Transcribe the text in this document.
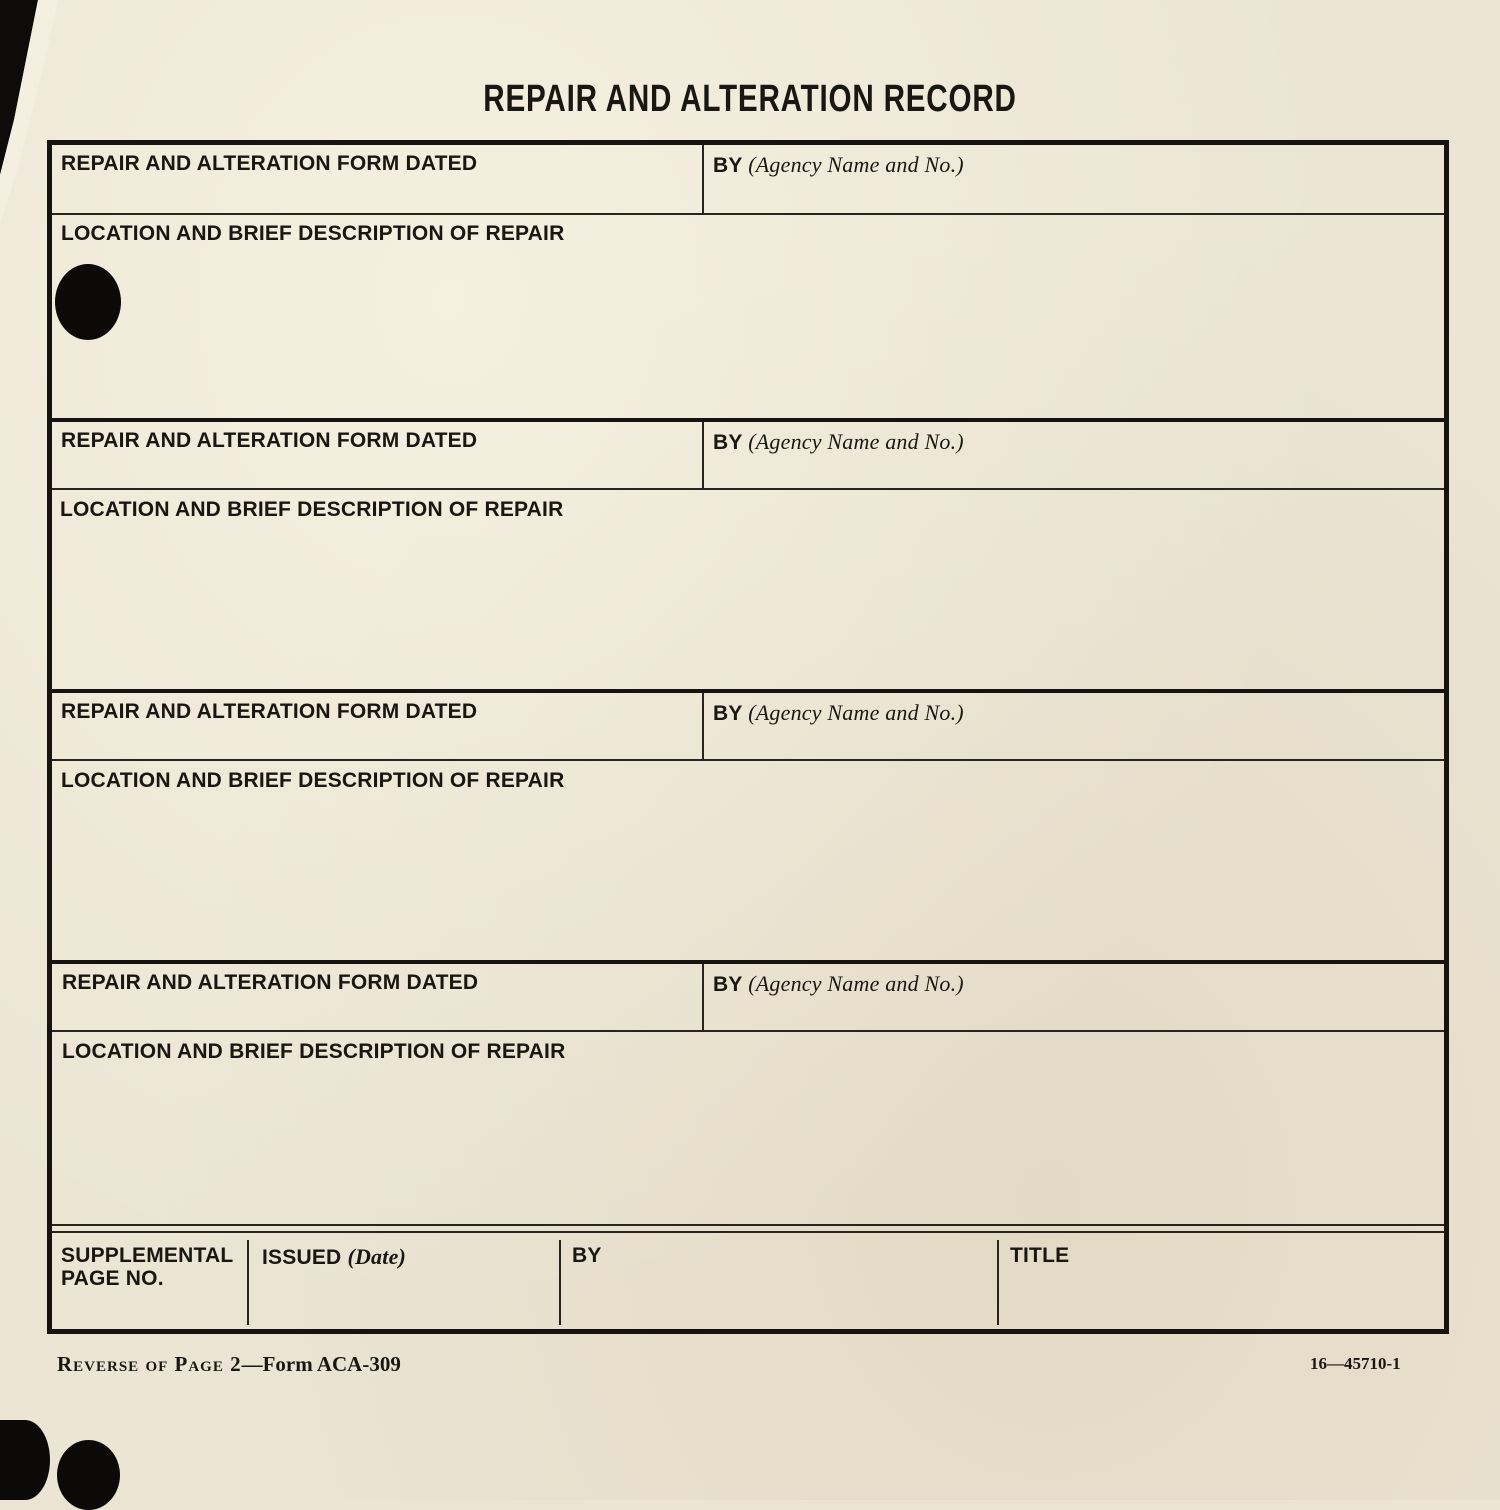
REPAIR AND ALTERATION RECORD
REPAIR AND ALTERATION FORM DATED	BY (Agency Name and No.)
LOCATION AND BRIEF DESCRIPTION OF REPAIR
REPAIR AND ALTERATION FORM DATED	BY (Agency Name and No.)
LOCATION AND BRIEF DESCRIPTION OF REPAIR
REPAIR AND ALTERATION FORM DATED	BY (Agency Name and No.)
LOCATION AND BRIEF DESCRIPTION OF REPAIR
REPAIR AND ALTERATION FORM DATED	BY (Agency Name and No.)
LOCATION AND BRIEF DESCRIPTION OF REPAIR
SUPPLEMENTAL
PAGE NO.
ISSUED (Date)	BY	TITLE
Reverse of Page 2—Form ACA-309	16—45710-1
